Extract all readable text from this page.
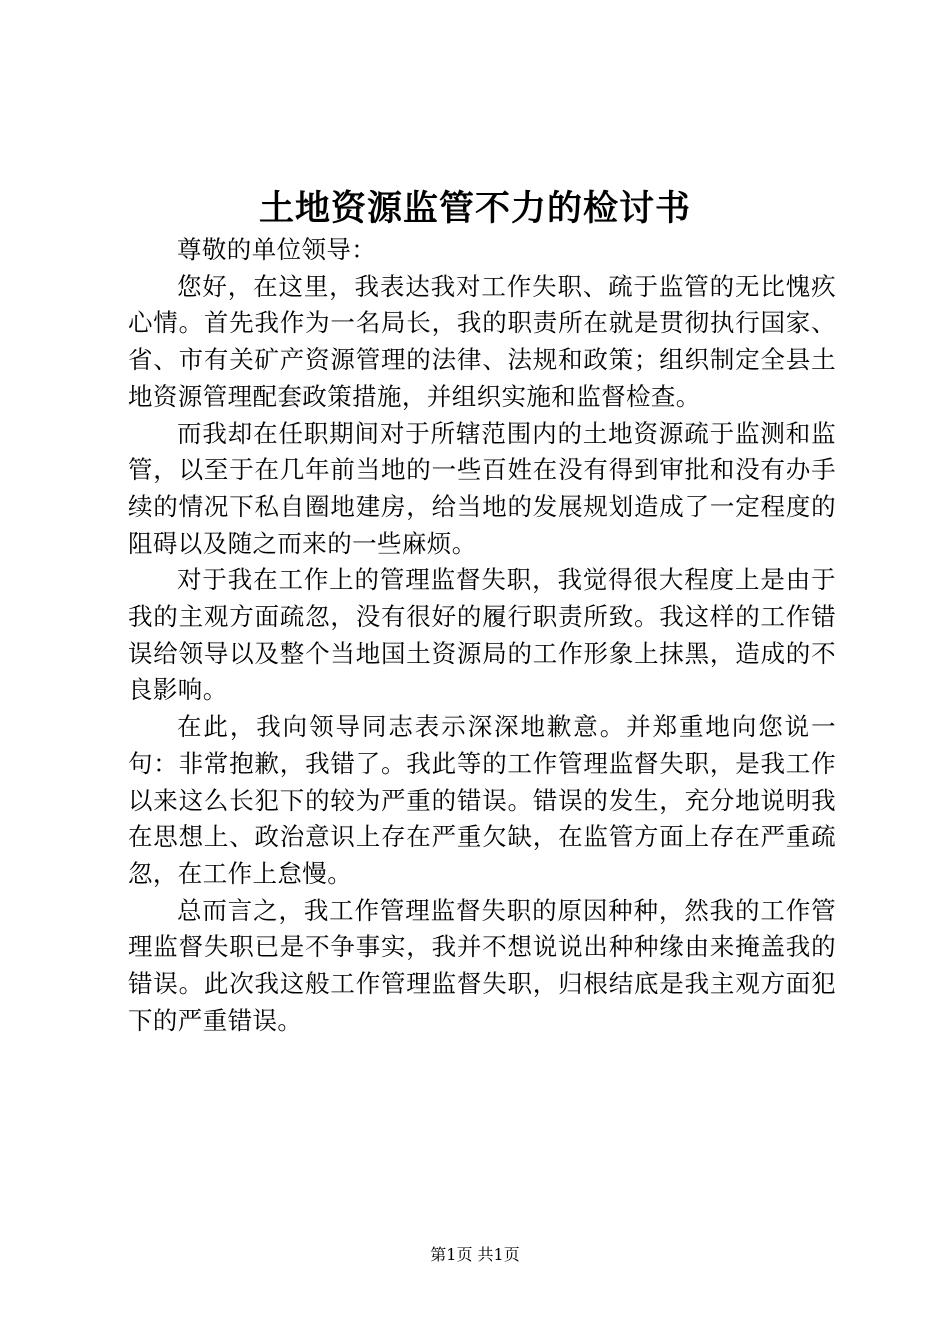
土地资源监管不力的检讨书

尊敬的单位领导：

您好，在这里，我表达我对工作失职、疏于监管的无比愧疚心情。首先我作为一名局长，我的职责所在就是贯彻执行国家、省、市有关矿产资源管理的法律、法规和政策；组织制定全县土地资源管理配套政策措施，并组织实施和监督检查。

而我却在任职期间对于所辖范围内的土地资源疏于监测和监管，以至于在几年前当地的一些百姓在没有得到审批和没有办手续的情况下私自圈地建房，给当地的发展规划造成了一定程度的阻碍以及随之而来的一些麻烦。

对于我在工作上的管理监督失职，我觉得很大程度上是由于我的主观方面疏忽，没有很好的履行职责所致。我这样的工作错误给领导以及整个当地国土资源局的工作形象上抹黑，造成的不良影响。

在此，我向领导同志表示深深地歉意。并郑重地向您说一句：非常抱歉，我错了。我此等的工作管理监督失职，是我工作以来这么长犯下的较为严重的错误。错误的发生，充分地说明我在思想上、政治意识上存在严重欠缺，在监管方面上存在严重疏忽，在工作上怠慢。

总而言之，我工作管理监督失职的原因种种，然我的工作管理监督失职已是不争事实，我并不想说说出种种缘由来掩盖我的错误。此次我这般工作管理监督失职，归根结底是我主观方面犯下的严重错误。

第1页 共1页
